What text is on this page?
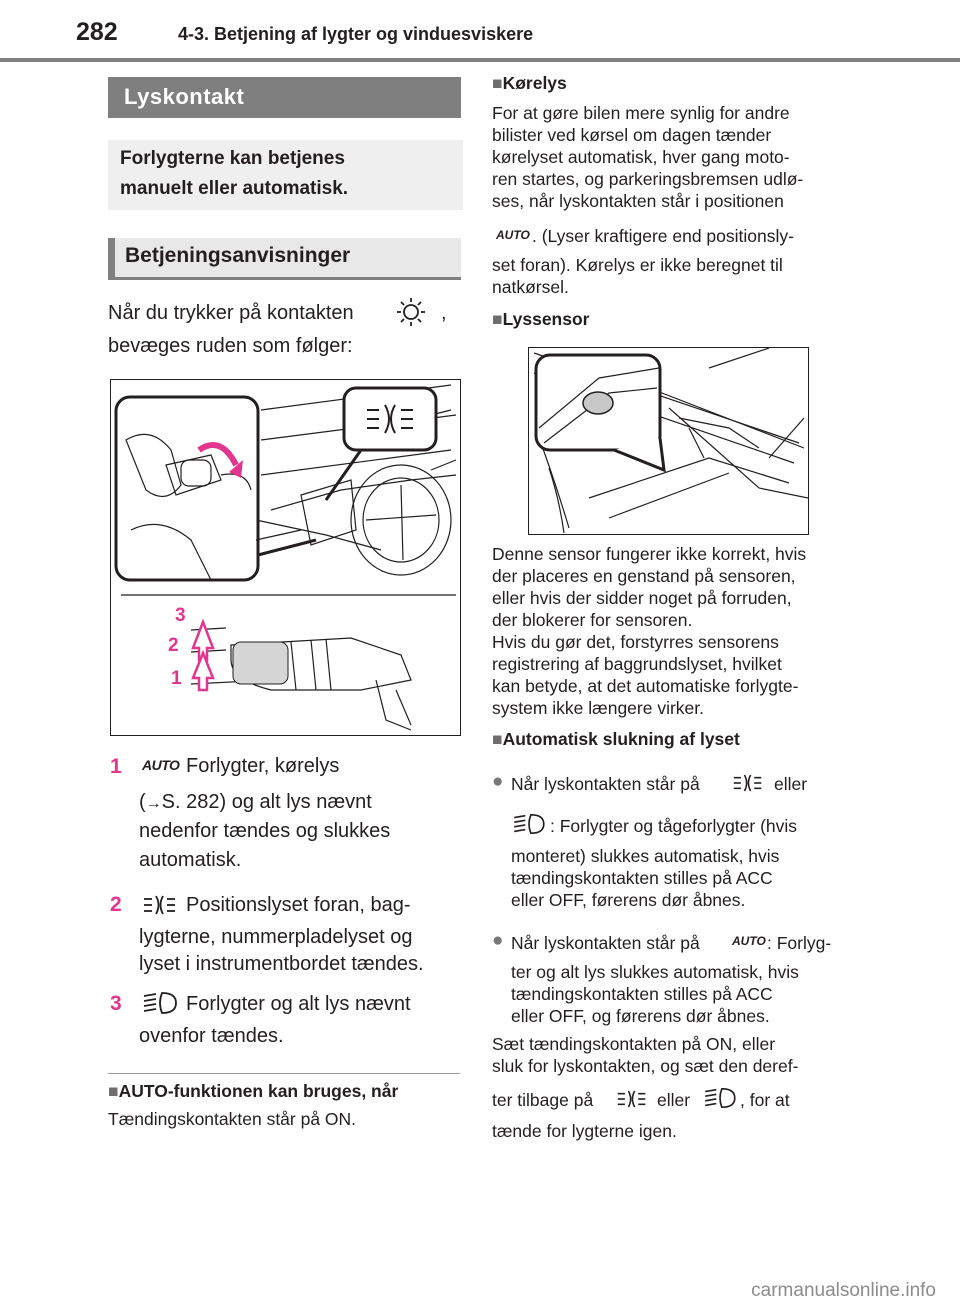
282	4-3. Betjening af lygter og vinduesviskere
Lyskontakt
Forlygterne kan betjenes
manuelt eller automatisk.
Betjeningsanvisninger
Når du trykker på kontakten	,
bevæges ruden som følger:
3
2
1
1 AUTO Forlygter, kørelys
(→S. 282) og alt lys nævnt
nedenfor tændes og slukkes
automatisk.
2	Positionslyset foran, bag-
lygterne, nummerpladelyset og
lyset i instrumentbordet tændes.
3	Forlygter og alt lys nævnt
ovenfor tændes.
■AUTO-funktionen kan bruges, når
Tændingskontakten står på ON.
■Kørelys
For at gøre bilen mere synlig for andre
bilister ved kørsel om dagen tænder
kørelyset automatisk, hver gang moto-
ren startes, og parkeringsbremsen udlø-
ses, når lyskontakten står i positionen
AUTO . (Lyser kraftigere end positionsly-
set foran). Kørelys er ikke beregnet til
natkørsel.
■Lyssensor
Denne sensor fungerer ikke korrekt, hvis
der placeres en genstand på sensoren,
eller hvis der sidder noget på forruden,
der blokerer for sensoren.
Hvis du gør det, forstyrres sensorens
registrering af baggrundslyset, hvilket
kan betyde, at det automatiske forlygte-
system ikke længere virker.
■Automatisk slukning af lyset
● Når lyskontakten står på	eller
: Forlygter og tågeforlygter (hvis
monteret) slukkes automatisk, hvis
tændingskontakten stilles på ACC
eller OFF, førerens dør åbnes.
● Når lyskontakten står på	AUTO : Forlyg-
ter og alt lys slukkes automatisk, hvis
tændingskontakten stilles på ACC
eller OFF, og førerens dør åbnes.
Sæt tændingskontakten på ON, eller
sluk for lyskontakten, og sæt den deref-
ter tilbage på	eller	, for at
tænde for lygterne igen.
carmanualsonline.info
